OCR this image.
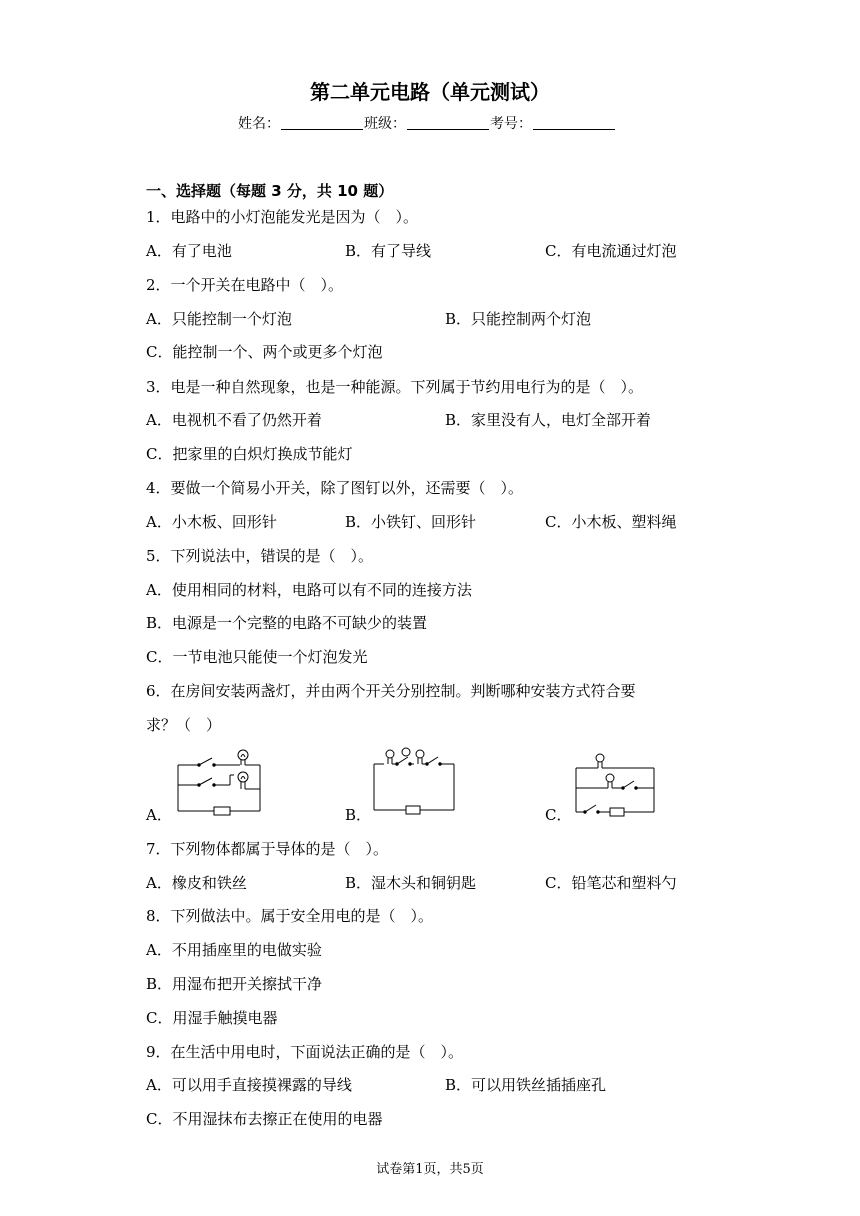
第二单元电路（单元测试）
姓名：	班级：	考号：
一、选择题（每题 3 分，共 10 题）
1．电路中的小灯泡能发光是因为（　）。
A．有了电池	B．有了导线	C．有电流通过灯泡
2．一个开关在电路中（　）。
A．只能控制一个灯泡	B．只能控制两个灯泡
C．能控制一个、两个或更多个灯泡
3．电是一种自然现象，也是一种能源。下列属于节约用电行为的是（　）。
A．电视机不看了仍然开着	B．家里没有人，电灯全部开着
C．把家里的白炽灯换成节能灯
4．要做一个简易小开关，除了图钉以外，还需要（　）。
A．小木板、回形针	B．小铁钉、回形针	C．小木板、塑料绳
5．下列说法中，错误的是（　）。
A．使用相同的材料，电路可以有不同的连接方法
B．电源是一个完整的电路不可缺少的装置
C．一节电池只能使一个灯泡发光
6．在房间安装两盏灯，并由两个开关分别控制。判断哪种安装方式符合要
求？（　）
A．	B．	C．
7．下列物体都属于导体的是（　）。
A．橡皮和铁丝	B．湿木头和铜钥匙	C．铅笔芯和塑料勺
8．下列做法中。属于安全用电的是（　）。
A．不用插座里的电做实验
B．用湿布把开关擦拭干净
C．用湿手触摸电器
9．在生活中用电时，下面说法正确的是（　）。
A．可以用手直接摸裸露的导线	B．可以用铁丝插插座孔
C．不用湿抹布去擦正在使用的电器
试卷第1页，共5页
